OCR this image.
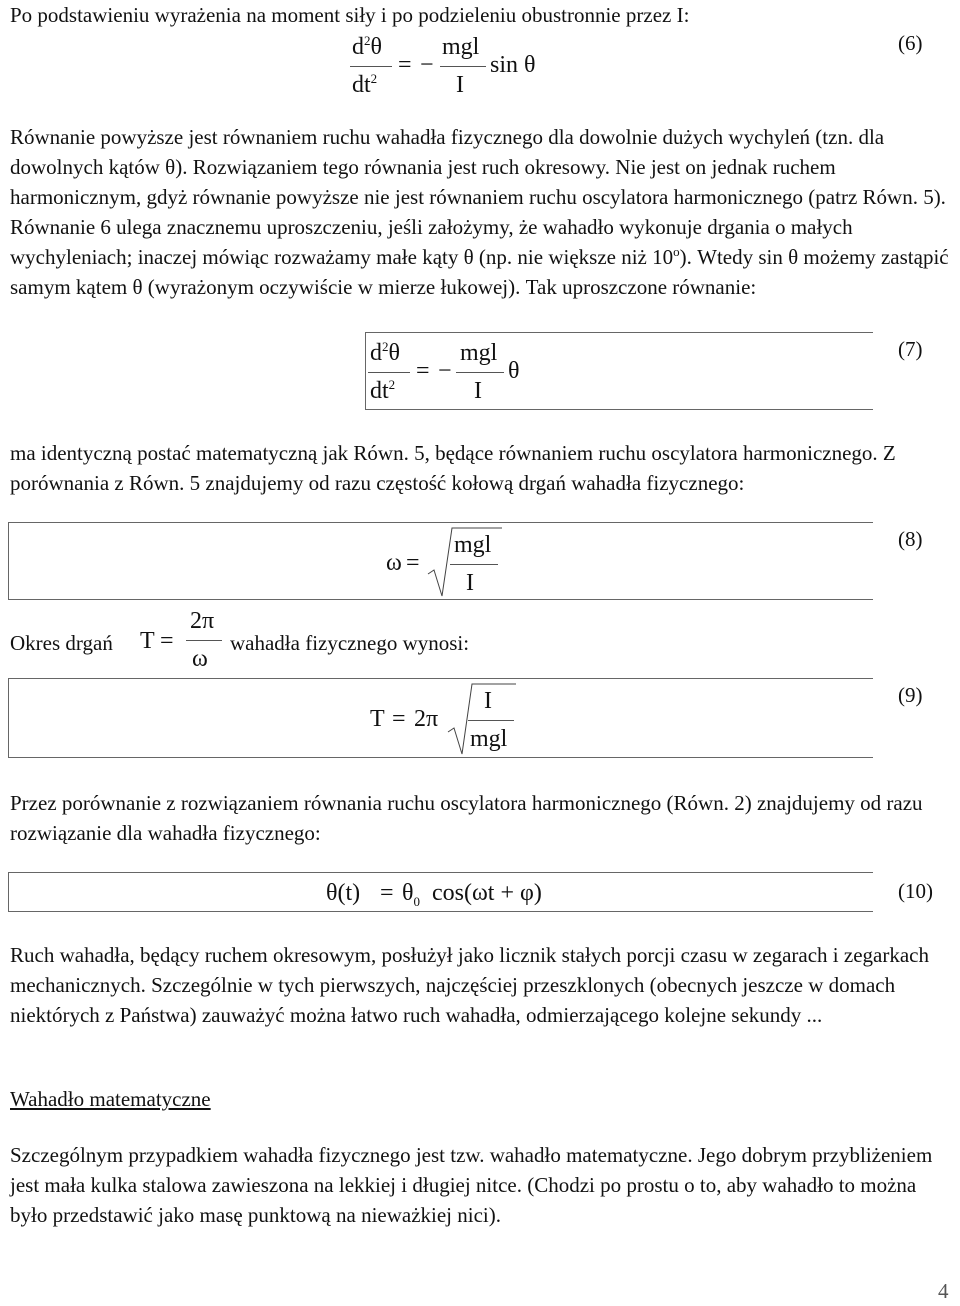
Po podstawieniu wyrażenia na moment siły i po podzieleniu obustronnie przez I:

$d^2\theta$
$dt^2$
= −
mgl
I
sin θ
(6)

Równanie powyższe jest równaniem ruchu wahadła fizycznego dla dowolnie dużych wychyleń (tzn. dla dowolnych kątów θ). Rozwiązaniem tego równania jest ruch okresowy. Nie jest on jednak ruchem harmonicznym, gdyż równanie powyższe nie jest równaniem ruchu oscylatora harmonicznego (patrz Równ. 5). Równanie 6 ulega znacznemu uproszczeniu, jeśli założymy, że wahadło wykonuje drgania o małych wychyleniach; inaczej mówiąc rozważamy małe kąty θ (np. nie większe niż 10$^o$). Wtedy sin θ możemy zastąpić samym kątem θ (wyrażonym oczywiście w mierze łukowej). Tak uproszczone równanie:

$d^2\theta$
$dt^2$
= −
mgl
I
θ
(7)

ma identyczną postać matematyczną jak Równ. 5, będące równaniem ruchu oscylatora harmonicznego. Z porównania z Równ. 5 znajdujemy od razu częstość kołową drgań wahadła fizycznego:

ω =
mgl
I
(8)
Okres drgań T =
2π
ω
wahadła fizycznego wynosi:
T = 2π
I
mgl
(9)

Przez porównanie z rozwiązaniem równania ruchu oscylatora harmonicznego (Równ. 2) znajdujemy od razu rozwiązanie dla wahadła fizycznego:

$\theta(t) = \theta_0$ cos(ωt + φ)	(10)

Ruch wahadła, będący ruchem okresowym, posłużył jako licznik stałych porcji czasu w zegarach i zegarkach mechanicznych. Szczególnie w tych pierwszych, najczęściej przeszklonych (obecnych jeszcze w domach niektórych z Państwa) zauważyć można łatwo ruch wahadła, odmierzającego kolejne sekundy ...

Wahadło matematyczne

Szczególnym przypadkiem wahadła fizycznego jest tzw. wahadło matematyczne. Jego dobrym przybliżeniem jest mała kulka stalowa zawieszona na lekkiej i długiej nitce. (Chodzi po prostu o to, aby wahadło to można było przedstawić jako masę punktową na nieważkiej nici).

4
